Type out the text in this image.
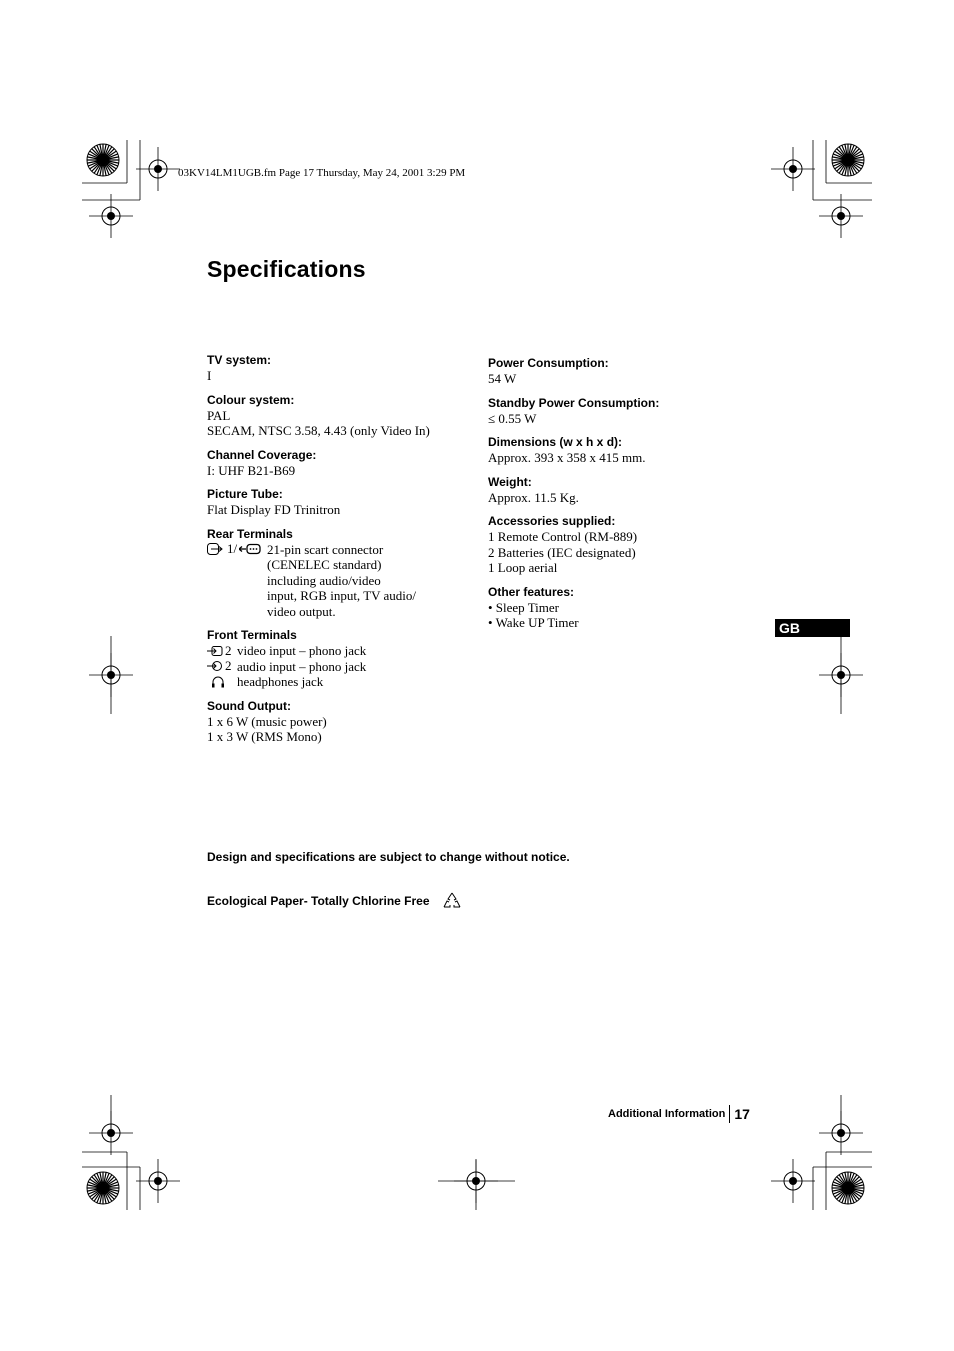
03KV14LM1UGB.fm Page 17 Thursday, May 24, 2001 3:29 PM
Specifications
TV system:
I
Colour system:
PAL
SECAM, NTSC 3.58, 4.43 (only Video In)
Channel Coverage:
I: UHF B21-B69
Picture Tube:
Flat Display FD Trinitron
Rear Terminals
1/ 21-pin scart connector
(CENELEC standard)
including audio/video
input, RGB input, TV audio/
video output.
Front Terminals
2 video input – phono jack
2 audio input – phono jack
headphones jack
Sound Output:
1 x 6 W (music power)
1 x 3 W (RMS Mono)
Power Consumption:
54 W
Standby Power Consumption:
≤ 0.55 W
Dimensions (w x h x d):
Approx. 393 x 358 x 415 mm.
Weight:
Approx. 11.5 Kg.
Accessories supplied:
1 Remote Control (RM-889)
2 Batteries (IEC designated)
1 Loop aerial
Other features:
• Sleep Timer
• Wake UP Timer	GB
Design and specifications are subject to change without notice.
Ecological Paper- Totally Chlorine Free
Additional Information 17
